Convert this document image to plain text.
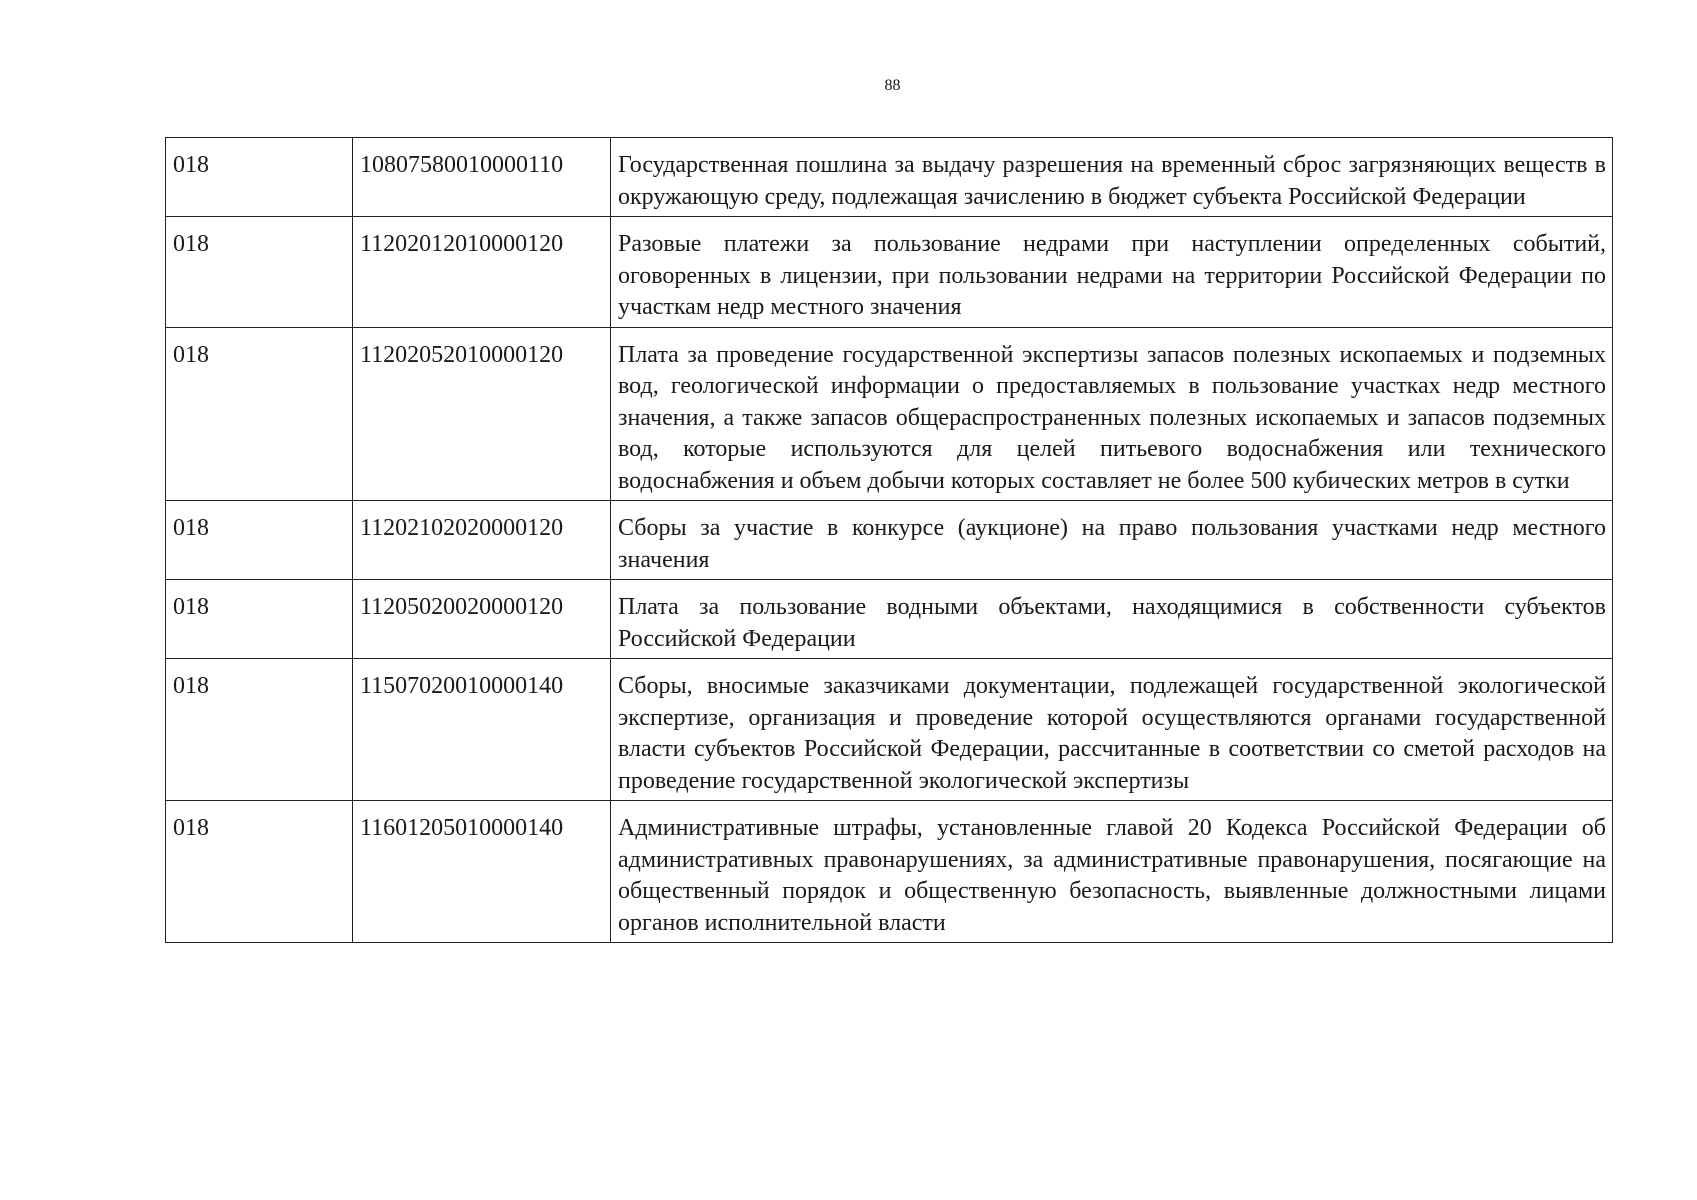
88
018	10807580010000110	Государственная пошлина за выдачу разрешения на временный сброс загрязняющих веществ в окружающую среду, подлежащая зачислению в бюджет субъекта Российской Федерации
018	11202012010000120	Разовые платежи за пользование недрами при наступлении определенных событий, оговоренных в лицензии, при пользовании недрами на территории Российской Федерации по участкам недр местного значения
018	11202052010000120	Плата за проведение государственной экспертизы запасов полезных ископаемых и подземных вод, геологической информации о предоставляемых в пользование участках недр местного значения, а также запасов общераспространенных полезных ископаемых и запасов подземных вод, которые используются для целей питьевого водоснабжения или технического водоснабжения и объем добычи которых составляет не более 500 кубических метров в сутки
018	11202102020000120	Сборы за участие в конкурсе (аукционе) на право пользования участками недр местного значения
018	11205020020000120	Плата за пользование водными объектами, находящимися в собственности субъектов Российской Федерации
018	11507020010000140	Сборы, вносимые заказчиками документации, подлежащей государственной экологической экспертизе, организация и проведение которой осуществляются органами государственной власти субъектов Российской Федерации, рассчитанные в соответствии со сметой расходов на проведение государственной экологической экспертизы
018	11601205010000140	Административные штрафы, установленные главой 20 Кодекса Российской Федерации об административных правонарушениях, за административные правонарушения, посягающие на общественный порядок и общественную безопасность, выявленные должностными лицами органов исполнительной власти
